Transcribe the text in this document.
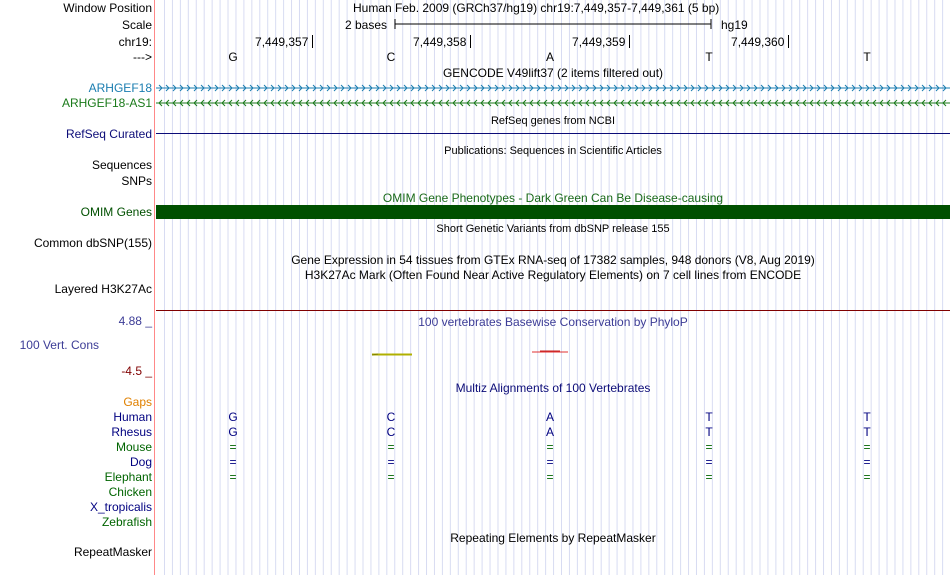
Window Position
Scale
chr19:
--->
Human Feb. 2009 (GRCh37/hg19) chr19:7,449,357-7,449,361 (5 bp)
2 bases	hg19
7,449,357	7,449,358	7,449,359	7,449,360
G	C	A	T	T
GENCODE V49lift37 (2 items filtered out)
ARHGEF18
ARHGEF18-AS1
RefSeq genes from NCBI
RefSeq Curated
Publications: Sequences in Scientific Articles
Sequences
SNPs
OMIM Gene Phenotypes - Dark Green Can Be Disease-causing
OMIM Genes
Short Genetic Variants from dbSNP release 155
Common dbSNP(155)
Gene Expression in 54 tissues from GTEx RNA-seq of 17382 samples, 948 donors (V8, Aug 2019)
H3K27Ac Mark (Often Found Near Active Regulatory Elements) on 7 cell lines from ENCODE
Layered H3K27Ac
4.88 _	100 vertebrates Basewise Conservation by PhyloP
100 Vert. Cons
-4.5 _
Multiz Alignments of 100 Vertebrates
Gaps
Human	G	C	A	T	T
Rhesus	G	C	A	T	T
Mouse	=	=	=	=	=
Dog	=	=	=	=	=
Elephant	=	=	=	=	=
Chicken
X_tropicalis
Zebrafish
Repeating Elements by RepeatMasker
RepeatMasker
